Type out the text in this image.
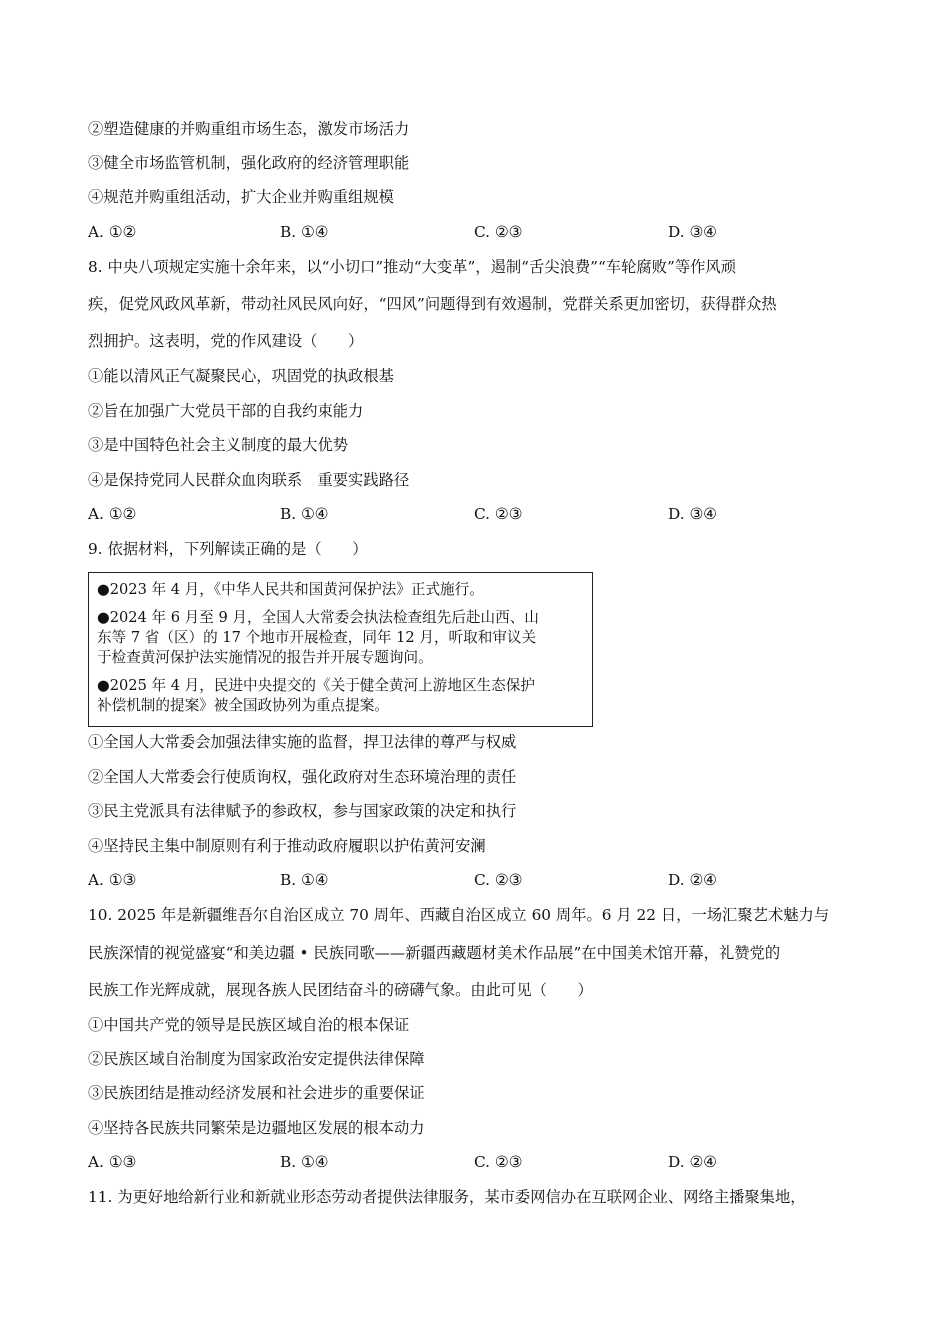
②塑造健康的并购重组市场生态，激发市场活力
③健全市场监管机制，强化政府的经济管理职能
④规范并购重组活动，扩大企业并购重组规模
A. ①②	B. ①④	C. ②③	D. ③④
8. 中央八项规定实施十余年来，以“小切口”推动“大变革”，遏制“舌尖浪费”“车轮腐败”等作风顽
疾，促党风政风革新，带动社风民风向好，“四风”问题得到有效遏制，党群关系更加密切，获得群众热
烈拥护。这表明，党的作风建设（　　）
①能以清风正气凝聚民心，巩固党的执政根基
②旨在加强广大党员干部的自我约束能力
③是中国特色社会主义制度的最大优势
④是保持党同人民群众血肉联系　重要实践路径
A. ①②	B. ①④	C. ②③	D. ③④
9. 依据材料，下列解读正确的是（　　）
①全国人大常委会加强法律实施的监督，捍卫法律的尊严与权威
②全国人大常委会行使质询权，强化政府对生态环境治理的责任
③民主党派具有法律赋予的参政权，参与国家政策的决定和执行
④坚持民主集中制原则有利于推动政府履职以护佑黄河安澜
A. ①③	B. ①④	C. ②③	D. ②④
10. 2025 年是新疆维吾尔自治区成立 70 周年、西藏自治区成立 60 周年。6 月 22 日，一场汇聚艺术魅力与
民族深情的视觉盛宴“和美边疆 • 民族同歌——新疆西藏题材美术作品展”在中国美术馆开幕，礼赞党的
民族工作光辉成就，展现各族人民团结奋斗的磅礴气象。由此可见（　　）
①中国共产党的领导是民族区域自治的根本保证
②民族区域自治制度为国家政治安定提供法律保障
③民族团结是推动经济发展和社会进步的重要保证
④坚持各民族共同繁荣是边疆地区发展的根本动力
A. ①③	B. ①④	C. ②③	D. ②④
11. 为更好地给新行业和新就业形态劳动者提供法律服务，某市委网信办在互联网企业、网络主播聚集地，
●2023 年 4 月，《中华人民共和国黄河保护法》正式施行。
●2024 年 6 月至 9 月，全国人大常委会执法检查组先后赴山西、山
东等 7 省（区）的 17 个地市开展检查，同年 12 月，听取和审议关
于检查黄河保护法实施情况的报告并开展专题询问。
●2025 年 4 月，民进中央提交的《关于健全黄河上游地区生态保护
补偿机制的提案》被全国政协列为重点提案。
